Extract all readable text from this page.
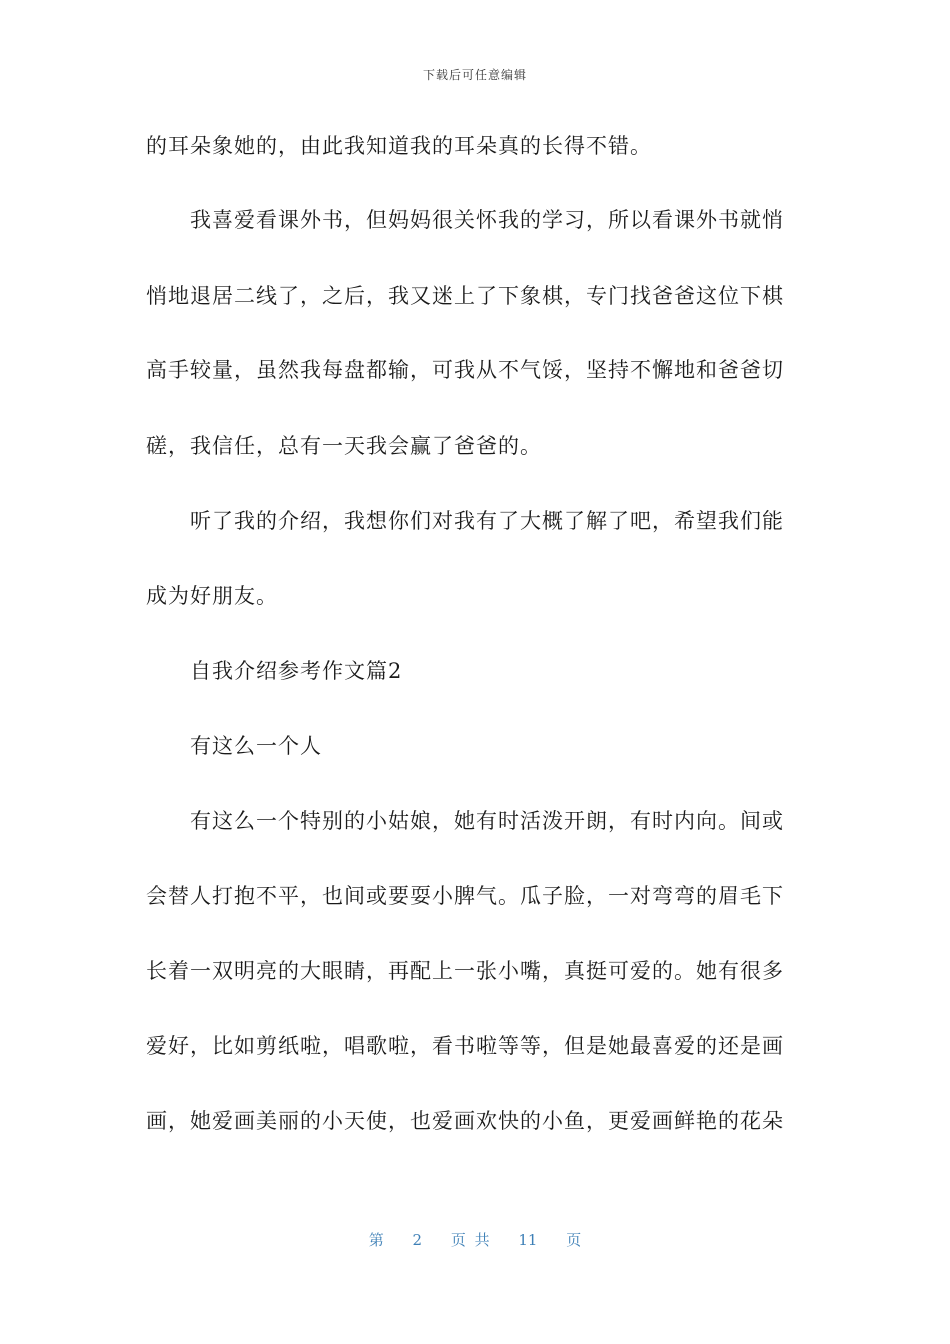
下载后可任意编辑
的耳朵象她的，由此我知道我的耳朵真的长得不错。
我喜爱看课外书，但妈妈很关怀我的学习，所以看课外书就悄
悄地退居二线了，之后，我又迷上了下象棋，专门找爸爸这位下棋
高手较量，虽然我每盘都输，可我从不气馁，坚持不懈地和爸爸切
磋，我信任，总有一天我会赢了爸爸的。
听了我的介绍，我想你们对我有了大概了解了吧，希望我们能
成为好朋友。
自我介绍参考作文篇2
有这么一个人
有这么一个特别的小姑娘，她有时活泼开朗，有时内向。间或
会替人打抱不平，也间或要耍小脾气。瓜子脸，一对弯弯的眉毛下
长着一双明亮的大眼睛，再配上一张小嘴，真挺可爱的。她有很多
爱好，比如剪纸啦，唱歌啦，看书啦等等，但是她最喜爱的还是画
画，她爱画美丽的小天使，也爱画欢快的小鱼，更爱画鲜艳的花朵
第 2 页 共 11 页
